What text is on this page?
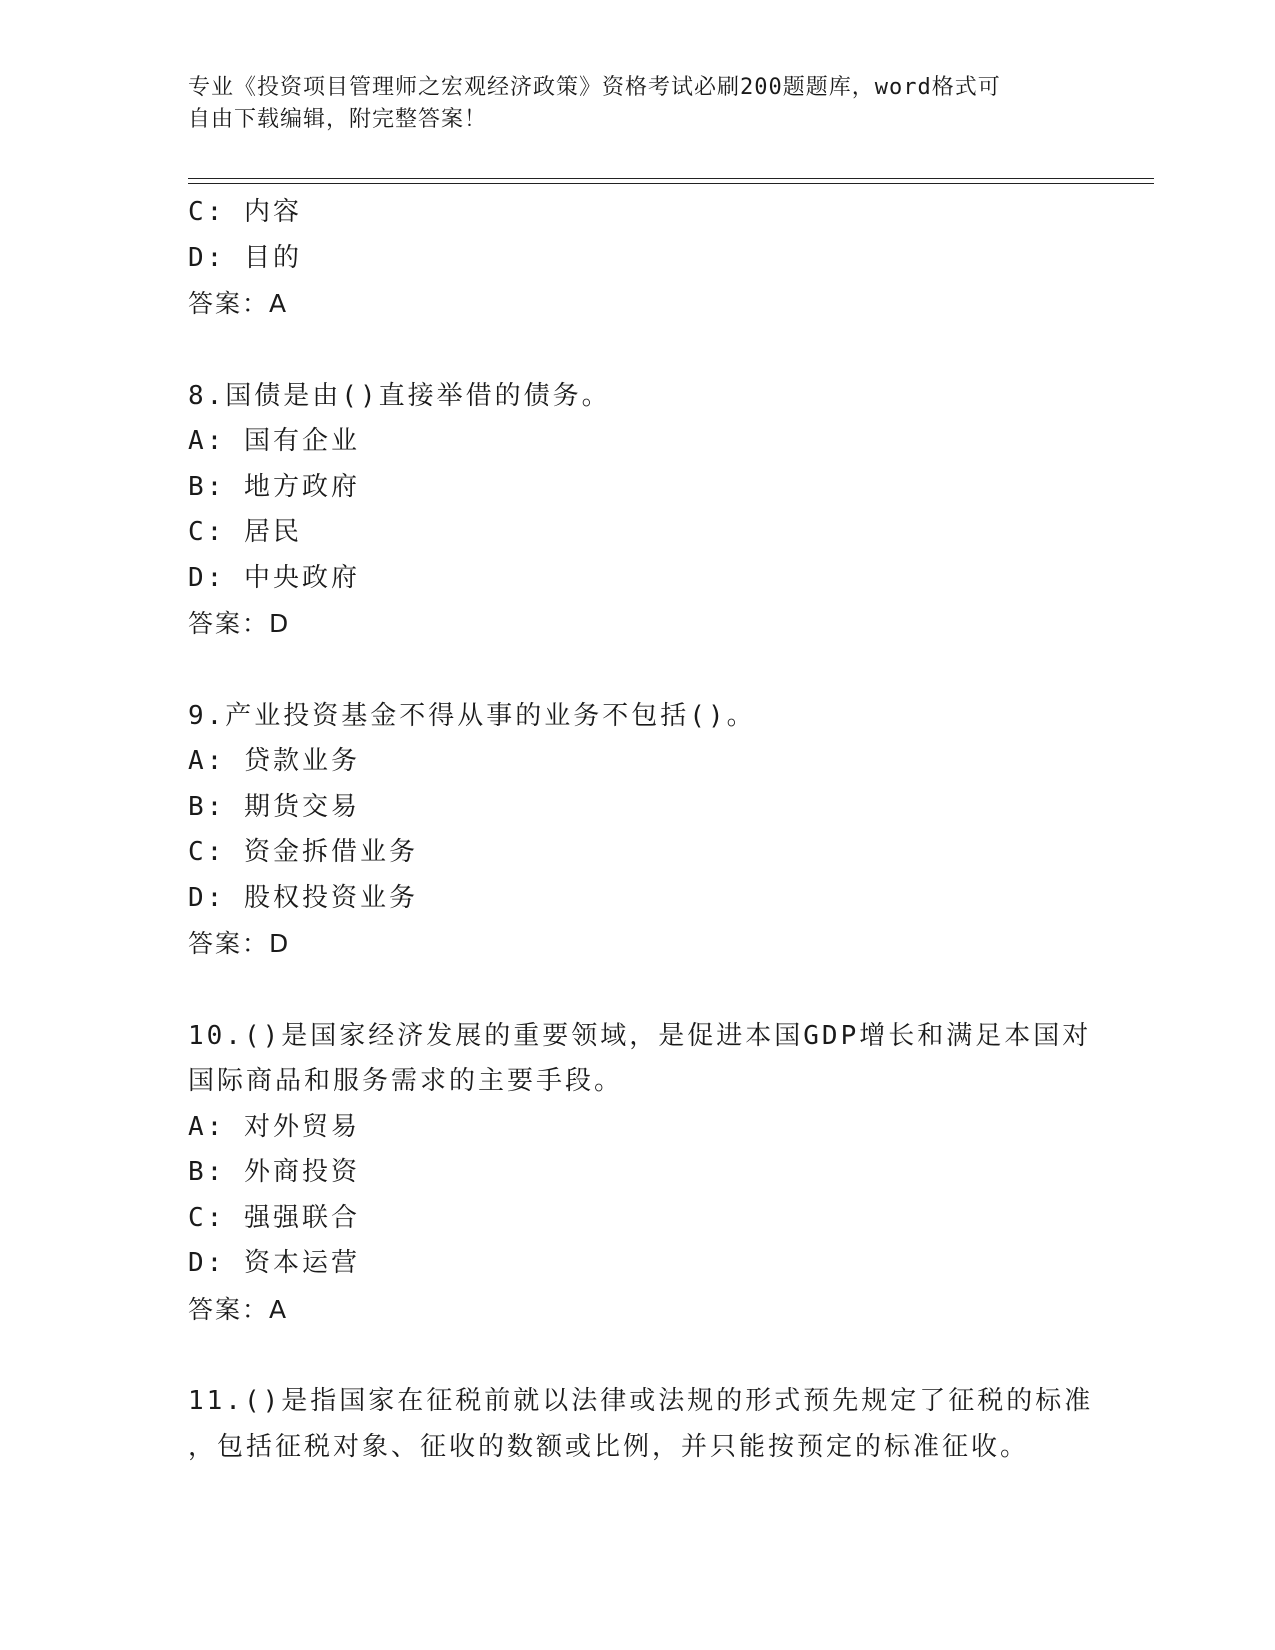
专业《投资项目管理师之宏观经济政策》资格考试必刷200题题库，word格式可
自由下载编辑，附完整答案！
C: 内容
D: 目的
答案：A
8.国债是由()直接举借的债务。
A: 国有企业
B: 地方政府
C: 居民
D: 中央政府
答案：D
9.产业投资基金不得从事的业务不包括()。
A: 贷款业务
B: 期货交易
C: 资金拆借业务
D: 股权投资业务
答案：D
10.()是国家经济发展的重要领域，是促进本国GDP增长和满足本国对
国际商品和服务需求的主要手段。
A: 对外贸易
B: 外商投资
C: 强强联合
D: 资本运营
答案：A
11.()是指国家在征税前就以法律或法规的形式预先规定了征税的标准
，包括征税对象、征收的数额或比例，并只能按预定的标准征收。
